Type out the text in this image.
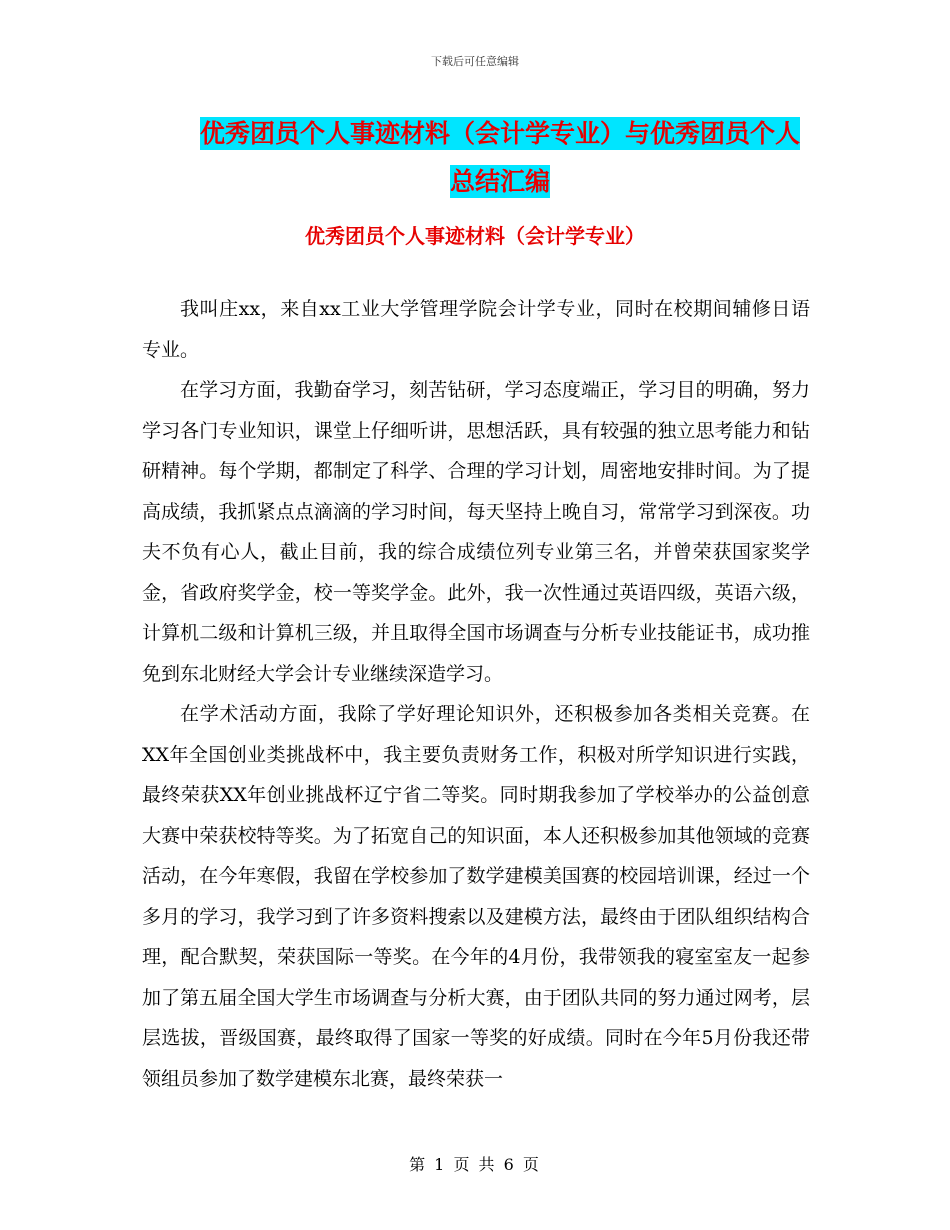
下载后可任意编辑
优秀团员个人事迹材料（会计学专业）与优秀团员个人总结汇编
优秀团员个人事迹材料（会计学专业）

我叫庄xx，来自xx工业大学管理学院会计学专业，同时在校期间辅修日语专业。

在学习方面，我勤奋学习，刻苦钻研，学习态度端正，学习目的明确，努力学习各门专业知识，课堂上仔细听讲，思想活跃，具有较强的独立思考能力和钻研精神。每个学期，都制定了科学、合理的学习计划，周密地安排时间。为了提高成绩，我抓紧点点滴滴的学习时间，每天坚持上晚自习，常常学习到深夜。功夫不负有心人，截止目前，我的综合成绩位列专业第三名，并曾荣获国家奖学金，省政府奖学金，校一等奖学金。此外，我一次性通过英语四级，英语六级，计算机二级和计算机三级，并且取得全国市场调查与分析专业技能证书，成功推免到东北财经大学会计专业继续深造学习。

在学术活动方面，我除了学好理论知识外，还积极参加各类相关竞赛。在XX年全国创业类挑战杯中，我主要负责财务工作，积极对所学知识进行实践，最终荣获XX年创业挑战杯辽宁省二等奖。同时期我参加了学校举办的公益创意大赛中荣获校特等奖。为了拓宽自己的知识面，本人还积极参加其他领域的竞赛活动，在今年寒假，我留在学校参加了数学建模美国赛的校园培训课，经过一个多月的学习，我学习到了许多资料搜索以及建模方法，最终由于团队组织结构合理，配合默契，荣获国际一等奖。在今年的4月份，我带领我的寝室室友一起参加了第五届全国大学生市场调查与分析大赛，由于团队共同的努力通过网考，层层选拔，晋级国赛，最终取得了国家一等奖的好成绩。同时在今年5月份我还带领组员参加了数学建模东北赛，最终荣获一

第 1 页 共 6 页
